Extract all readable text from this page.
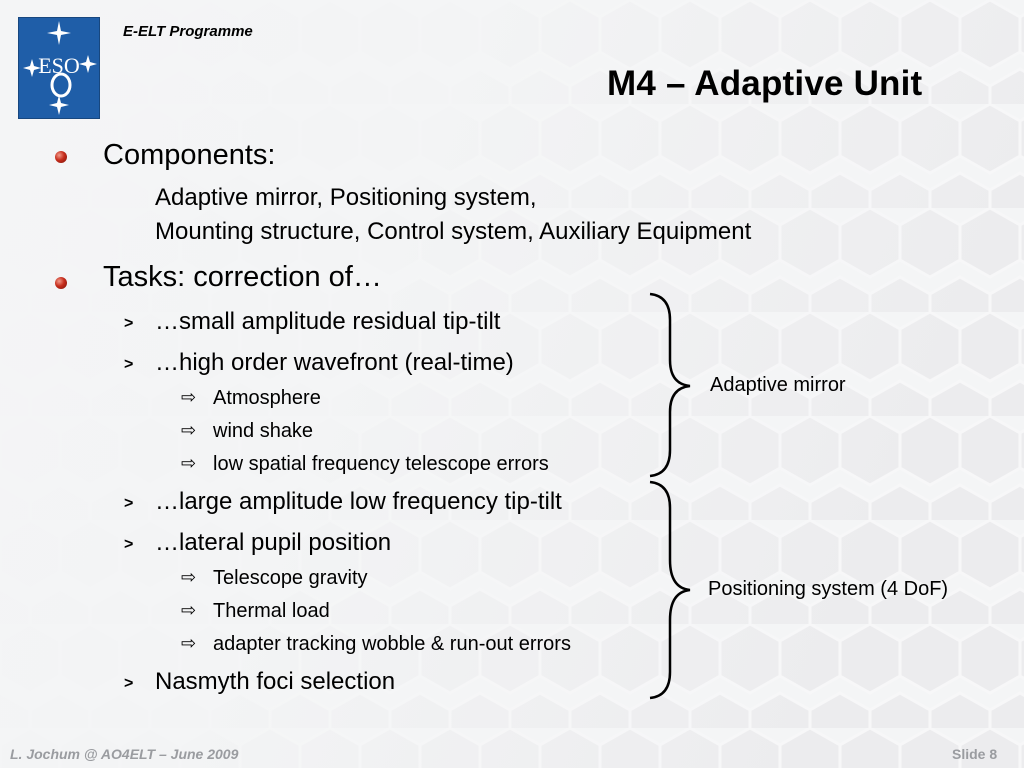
ESO
E-ELT Programme
M4 – Adaptive Unit
Components:
Adaptive mirror, Positioning system,
Mounting structure, Control system, Auxiliary Equipment
Tasks: correction of…
> …small amplitude residual tip-tilt
> …high order wavefront (real-time)
⇨ Atmosphere
⇨ wind shake
⇨ low spatial frequency telescope errors
> …large amplitude low frequency tip-tilt
> …lateral pupil position
⇨ Telescope gravity
⇨ Thermal load
⇨ adapter tracking wobble & run-out errors
> Nasmyth foci selection
Adaptive mirror
Positioning system (4 DoF)
L. Jochum @ AO4ELT – June 2009	Slide 8
